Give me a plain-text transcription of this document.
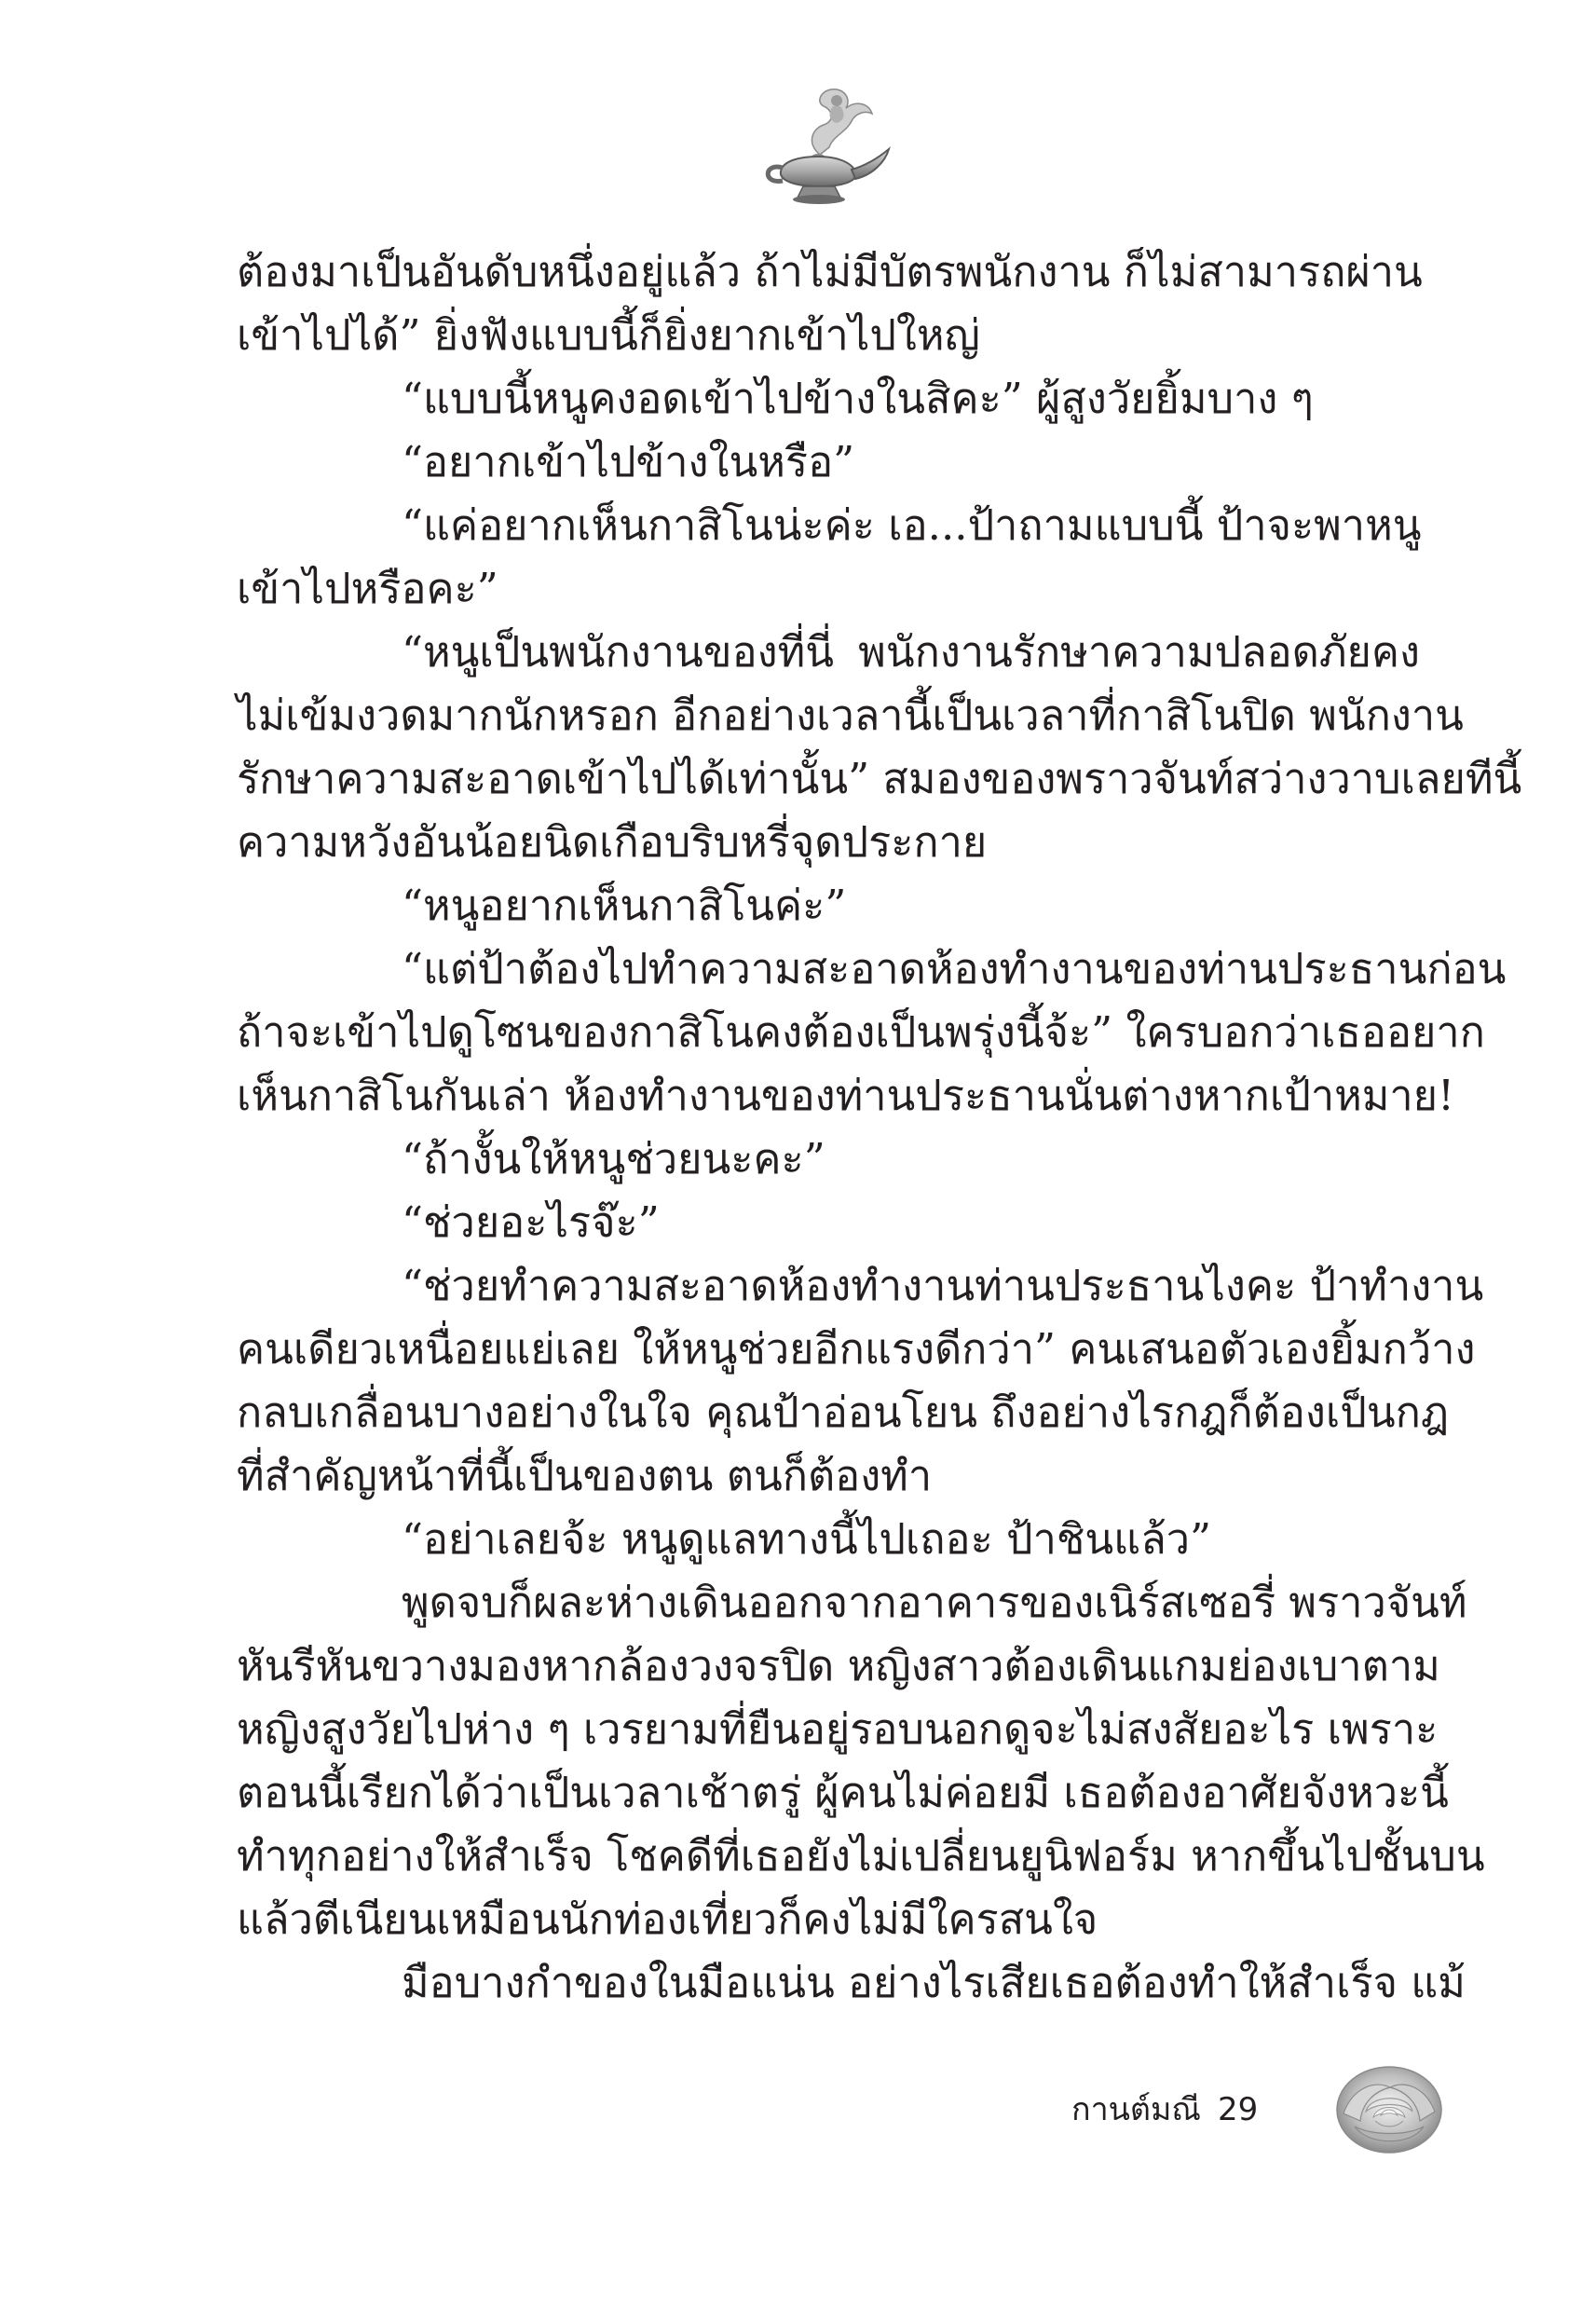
ต้องมาเป็นอันดับหนึ่งอยู่แล้ว ถ้าไม่มีบัตรพนักงาน ก็ไม่สามารถผ่าน
เข้าไปได้” ยิ่งฟังแบบนี้ก็ยิ่งยากเข้าไปใหญ่
“แบบนี้หนูคงอดเข้าไปข้างในสิคะ” ผู้สูงวัยยิ้มบาง ๆ
“อยากเข้าไปข้างในหรือ”
“แค่อยากเห็นกาสิโนน่ะค่ะ เอ...ป้าถามแบบนี้ ป้าจะพาหนู
เข้าไปหรือคะ”
“หนูเป็นพนักงานของที่นี่ พนักงานรักษาความปลอดภัยคง
ไม่เข้มงวดมากนักหรอก อีกอย่างเวลานี้เป็นเวลาที่กาสิโนปิด พนักงาน
รักษาความสะอาดเข้าไปได้เท่านั้น” สมองของพราวจันท์สว่างวาบเลยทีนี้
ความหวังอันน้อยนิดเกือบริบหรี่จุดประกาย
“หนูอยากเห็นกาสิโนค่ะ”
“แต่ป้าต้องไปทำความสะอาดห้องทำงานของท่านประธานก่อน
ถ้าจะเข้าไปดูโซนของกาสิโนคงต้องเป็นพรุ่งนี้จ้ะ” ใครบอกว่าเธออยาก
เห็นกาสิโนกันเล่า ห้องทำงานของท่านประธานนั่นต่างหากเป้าหมาย!
“ถ้างั้นให้หนูช่วยนะคะ”
“ช่วยอะไรจ๊ะ”
“ช่วยทำความสะอาดห้องทำงานท่านประธานไงคะ ป้าทำงาน
คนเดียวเหนื่อยแย่เลย ให้หนูช่วยอีกแรงดีกว่า” คนเสนอตัวเองยิ้มกว้าง
กลบเกลื่อนบางอย่างในใจ คุณป้าอ่อนโยน ถึงอย่างไรกฎก็ต้องเป็นกฎ
ที่สำคัญหน้าที่นี้เป็นของตน ตนก็ต้องทำ
“อย่าเลยจ้ะ หนูดูแลทางนี้ไปเถอะ ป้าชินแล้ว”
พูดจบก็ผละห่างเดินออกจากอาคารของเนิร์สเซอรี่ พราวจันท์
หันรีหันขวางมองหากล้องวงจรปิด หญิงสาวต้องเดินแกมย่องเบาตาม
หญิงสูงวัยไปห่าง ๆ เวรยามที่ยืนอยู่รอบนอกดูจะไม่สงสัยอะไร เพราะ
ตอนนี้เรียกได้ว่าเป็นเวลาเช้าตรู่ ผู้คนไม่ค่อยมี เธอต้องอาศัยจังหวะนี้
ทำทุกอย่างให้สำเร็จ โชคดีที่เธอยังไม่เปลี่ยนยูนิฟอร์ม หากขึ้นไปชั้นบน
แล้วตีเนียนเหมือนนักท่องเที่ยวก็คงไม่มีใครสนใจ
มือบางกำของในมือแน่น อย่างไรเสียเธอต้องทำให้สำเร็จ แม้
กานต์มณี 29
